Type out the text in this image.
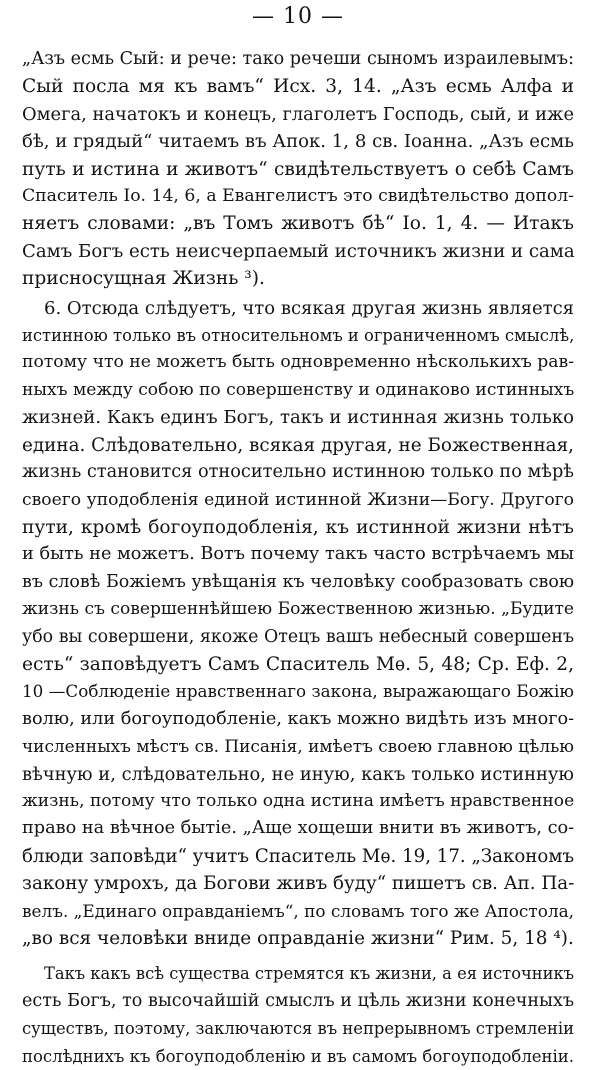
— 10 —

„Азъ есмь Сый: и рече: тако речеши сыномъ израилевымъ:
Сый посла мя къ вамъ“ Исх. 3, 14. „Азъ есмь Алфа и
Омега, начатокъ и конецъ, глаголетъ Господь, сый, и иже
бѣ, и грядый“ читаемъ въ Апок. 1, 8 св. Іоанна. „Азъ есмь
путь и истина и животъ“ свидѣтельствуетъ о себѣ Самъ
Спаситель Іо. 14, 6, а Евангелистъ это свидѣтельство допол-
няетъ словами: „въ Томъ животъ бѣ“ Іо. 1, 4. — Итакъ
Самъ Богъ есть неисчерпаемый источникъ жизни и сама
присносущная Жизнь ³).

6. Отсюда слѣдуетъ, что всякая другая жизнь является
истинною только въ относительномъ и ограниченномъ смыслѣ,
потому что не можетъ быть одновременно нѣсколькихъ рав-
ныхъ между собою по совершенству и одинаково истинныхъ
жизней. Какъ единъ Богъ, такъ и истинная жизнь только
едина. Слѣдовательно, всякая другая, не Божественная,
жизнь становится относительно истинною только по мѣрѣ
своего уподобленія единой истинной Жизни—Богу. Другого
пути, кромѣ богоуподобленія, къ истинной жизни нѣтъ
и быть не можетъ. Вотъ почему такъ часто встрѣчаемъ мы
въ словѣ Божіемъ увѣщанія къ человѣку сообразовать свою
жизнь съ совершеннѣйшею Божественною жизнью. „Будите
убо вы совершени, якоже Отецъ вашъ небесный совершенъ
есть“ заповѣдуетъ Самъ Спаситель Мѳ. 5, 48; Ср. Еф. 2,
10 —Соблюденіе нравственнаго закона, выражающаго Божію
волю, или богоуподобленіе, какъ можно видѣть изъ много-
численныхъ мѣстъ св. Писанія, имѣетъ своею главною цѣлью
вѣчную и, слѣдовательно, не иную, какъ только истинную
жизнь, потому что только одна истина имѣетъ нравственное
право на вѣчное бытіе. „Аще хощеши внити въ животъ, со-
блюди заповѣди“ учитъ Спаситель Мѳ. 19, 17. „Закономъ
закону умрохъ, да Богови живъ буду“ пишетъ св. Ап. Па-
велъ. „Единаго оправданіемъ“, по словамъ того же Апостола,
„во вся человѣки вниде оправданіе жизни“ Рим. 5, 18 ⁴).

Такъ какъ всѣ существа стремятся къ жизни, а ея источникъ
есть Богъ, то высочайшій смыслъ и цѣль жизни конечныхъ
существъ, поэтому, заключаются въ непрерывномъ стремленіи
послѣднихъ къ богоуподобленію и въ самомъ богоуподобленіи.
